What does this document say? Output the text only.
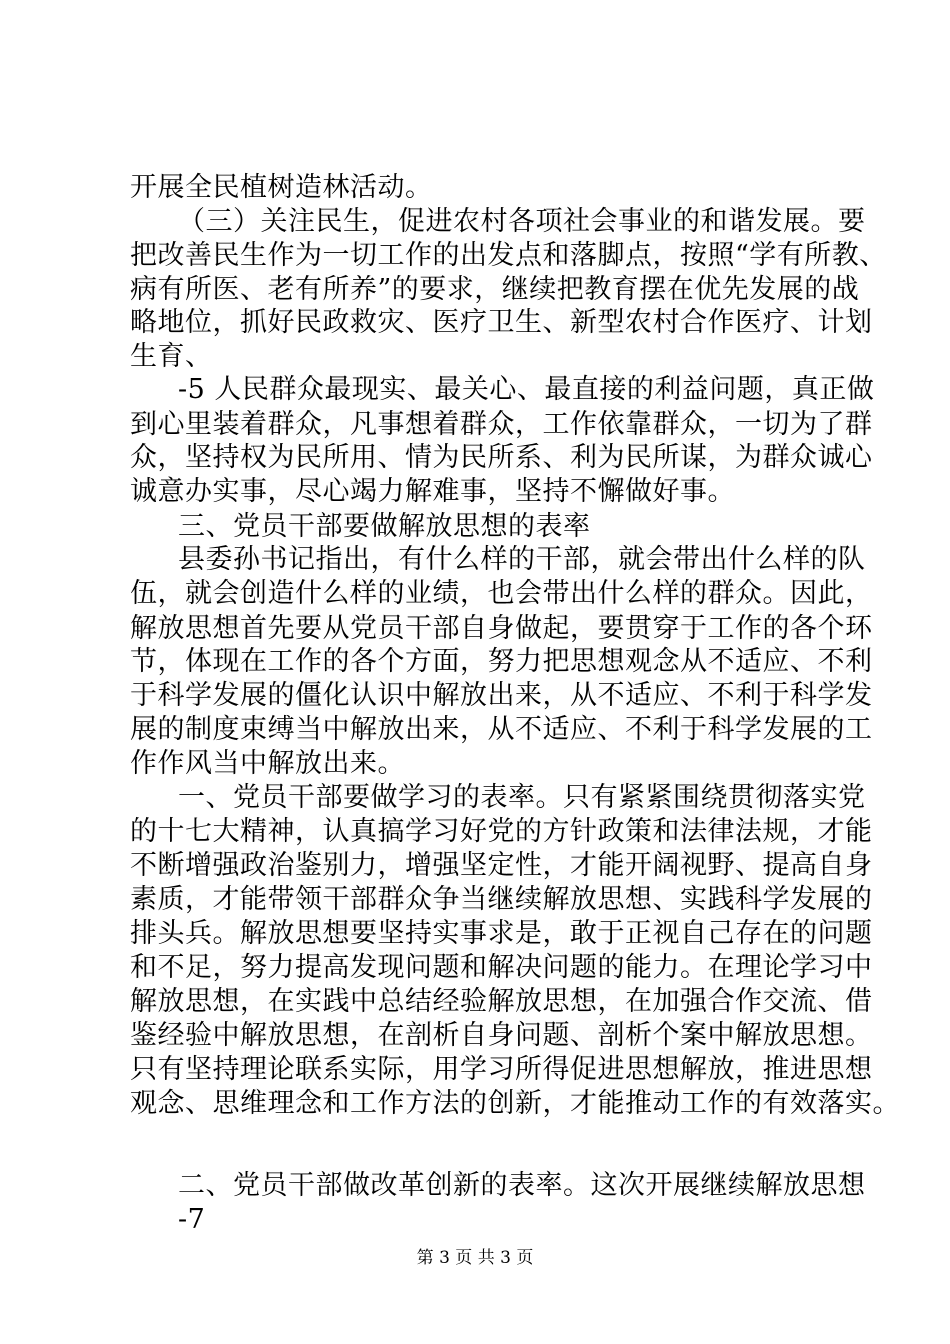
开展全民植树造林活动。
（三）关注民生，促进农村各项社会事业的和谐发展。要
把改善民生作为一切工作的出发点和落脚点，按照“学有所教、
病有所医、老有所养”的要求，继续把教育摆在优先发展的战
略地位，抓好民政救灾、医疗卫生、新型农村合作医疗、计划
生育、
-5 人民群众最现实、最关心、最直接的利益问题，真正做
到心里装着群众，凡事想着群众，工作依靠群众，一切为了群
众，坚持权为民所用、情为民所系、利为民所谋，为群众诚心
诚意办实事，尽心竭力解难事，坚持不懈做好事。
三、党员干部要做解放思想的表率
县委孙书记指出，有什么样的干部，就会带出什么样的队
伍，就会创造什么样的业绩，也会带出什么样的群众。因此，
解放思想首先要从党员干部自身做起，要贯穿于工作的各个环
节，体现在工作的各个方面，努力把思想观念从不适应、不利
于科学发展的僵化认识中解放出来，从不适应、不利于科学发
展的制度束缚当中解放出来，从不适应、不利于科学发展的工
作作风当中解放出来。
一、党员干部要做学习的表率。只有紧紧围绕贯彻落实党
的十七大精神，认真搞学习好党的方针政策和法律法规，才能
不断增强政治鉴别力，增强坚定性，才能开阔视野、提高自身
素质，才能带领干部群众争当继续解放思想、实践科学发展的
排头兵。解放思想要坚持实事求是，敢于正视自己存在的问题
和不足，努力提高发现问题和解决问题的能力。在理论学习中
解放思想，在实践中总结经验解放思想，在加强合作交流、借
鉴经验中解放思想，在剖析自身问题、剖析个案中解放思想。
只有坚持理论联系实际，用学习所得促进思想解放，推进思想
观念、思维理念和工作方法的创新，才能推动工作的有效落实。
二、党员干部做改革创新的表率。这次开展继续解放思想
-7
第 3 页 共 3 页
